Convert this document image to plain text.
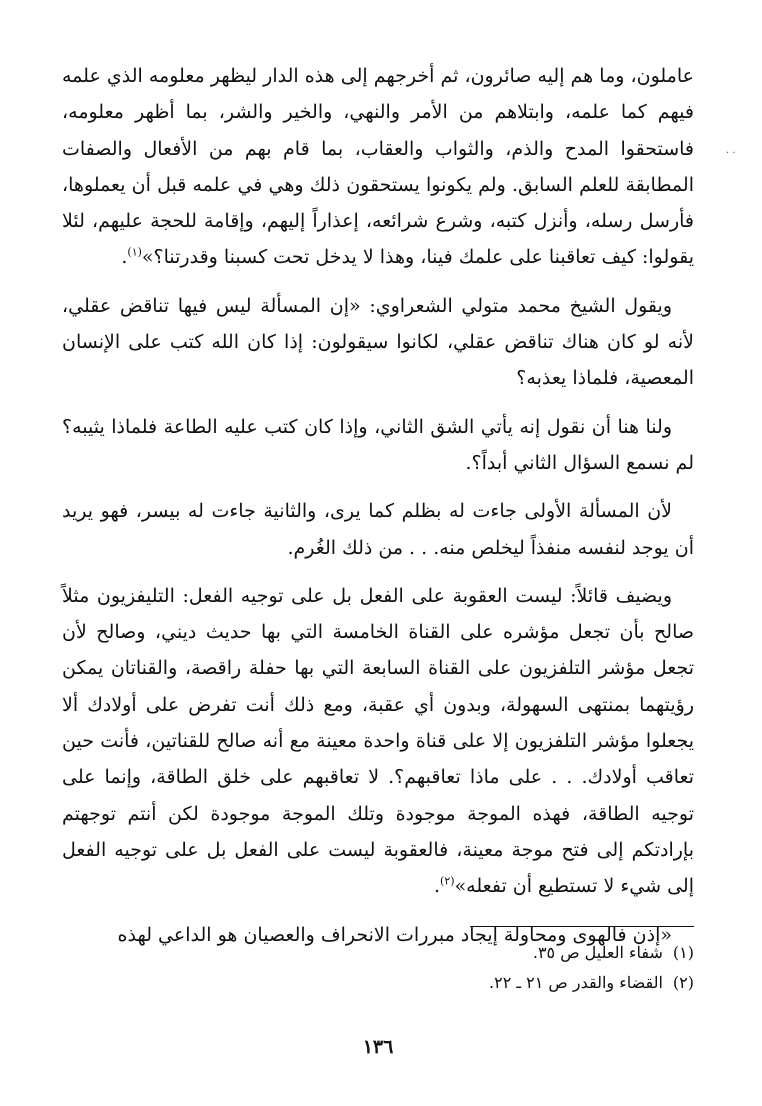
· ·

عاملون، وما هم إليه صائرون، ثم أخرجهم إلى هذه الدار ليظهر معلومه الذي علمه فيهم كما علمه، وابتلاهم من الأمر والنهي، والخير والشر، بما أظهر معلومه، فاستحقوا المدح والذم، والثواب والعقاب، بما قام بهم من الأفعال والصفات المطابقة للعلم السابق. ولم يكونوا يستحقون ذلك وهي في علمه قبل أن يعملوها، فأرسل رسله، وأنزل كتبه، وشرع شرائعه، إعذاراً إليهم، وإقامة للحجة عليهم، لئلا يقولوا: كيف تعاقبنا على علمك فينا، وهذا لا يدخل تحت كسبنا وقدرتنا؟»$^{(١)}$.

ويقول الشيخ محمد متولي الشعراوي: «إن المسألة ليس فيها تناقض عقلي، لأنه لو كان هناك تناقض عقلي، لكانوا سيقولون: إذا كان الله كتب على الإنسان المعصية، فلماذا يعذبه؟

ولنا هنا أن نقول إنه يأتي الشق الثاني، وإذا كان كتب عليه الطاعة فلماذا يثيبه؟ لم نسمع السؤال الثاني أبداً؟.

لأن المسألة الأولى جاءت له بظلم كما يرى، والثانية جاءت له بيسر، فهو يريد أن يوجد لنفسه منفذاً ليخلص منه. . . من ذلك الغُرم.

ويضيف قائلاً: ليست العقوبة على الفعل بل على توجيه الفعل: التليفزيون مثلاً صالح بأن تجعل مؤشره على القناة الخامسة التي بها حديث ديني، وصالح لأن تجعل مؤشر التلفزيون على القناة السابعة التي بها حفلة راقصة، والقناتان يمكن رؤيتهما بمنتهى السهولة، وبدون أي عقبة، ومع ذلك أنت تفرض على أولادك ألا يجعلوا مؤشر التلفزيون إلا على قناة واحدة معينة مع أنه صالح للقناتين، فأنت حين تعاقب أولادك. . . على ماذا تعاقبهم؟. لا تعاقبهم على خلق الطاقة، وإنما على توجيه الطاقة، فهذه الموجة موجودة وتلك الموجة موجودة لكن أنتم توجهتم بإرادتكم إلى فتح موجة معينة، فالعقوبة ليست على الفعل بل على توجيه الفعل إلى شيء لا تستطيع أن تفعله»$^{(٢)}$.

«إذن فالهوى ومحاولة إيجاد مبررات الانحراف والعصيان هو الداعي لهذه

(١)شفاء العليل ص ٣٥.
(٢)القضاء والقدر ص ٢١ ـ ٢٢.
١٣٦
